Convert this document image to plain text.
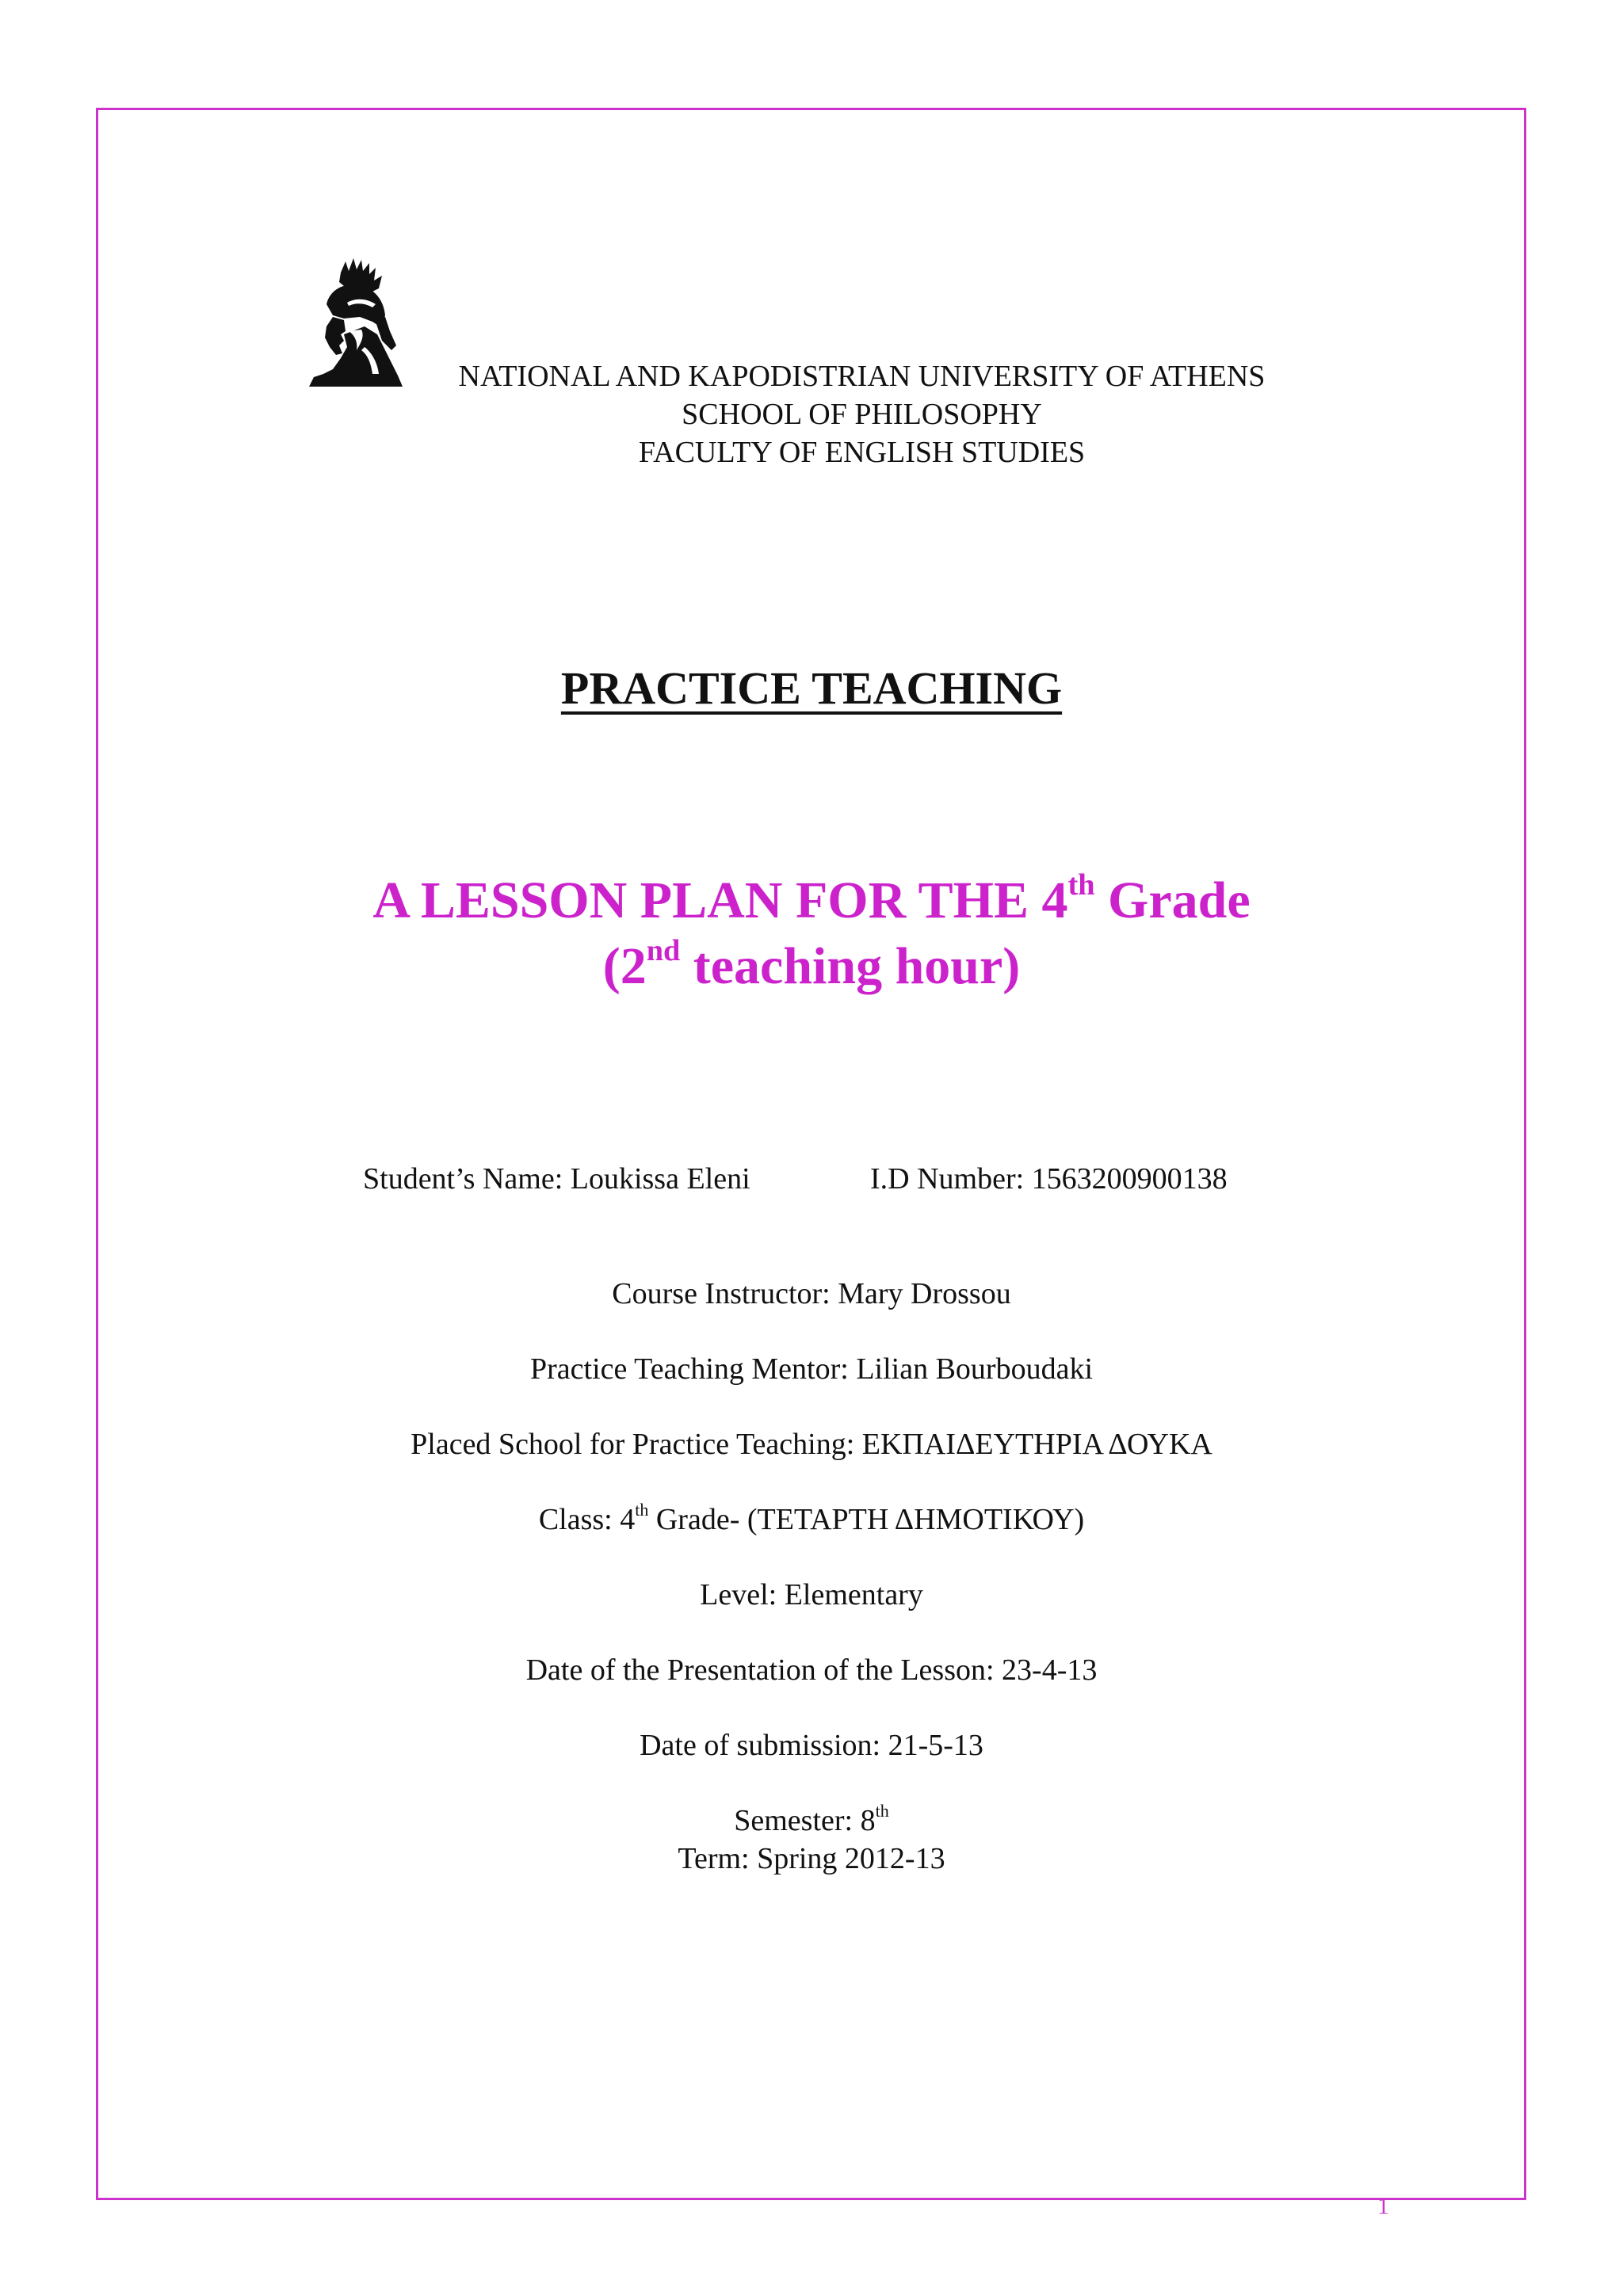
NATIONAL AND KAPODISTRIAN UNIVERSITY OF ATHENS
SCHOOL OF PHILOSOPHY
FACULTY OF ENGLISH STUDIES
PRACTICE TEACHING
A LESSON PLAN FOR THE 4th Grade
(2nd teaching hour)
Student’s Name: Loukissa Eleni	I.D Number: 1563200900138
Course Instructor: Mary Drossou
Practice Teaching Mentor: Lilian Bourboudaki
Placed School for Practice Teaching: ΕΚΠΑΙΔΕΥΤΗΡΙΑ ΔΟΥΚΑ
Class: 4th Grade- (ΤΕΤΑΡΤΗ ΔΗΜΟΤΙΚΟΥ)
Level: Elementary
Date of the Presentation of the Lesson: 23-4-13
Date of submission: 21-5-13
Semester: 8th
Term: Spring 2012-13
1
